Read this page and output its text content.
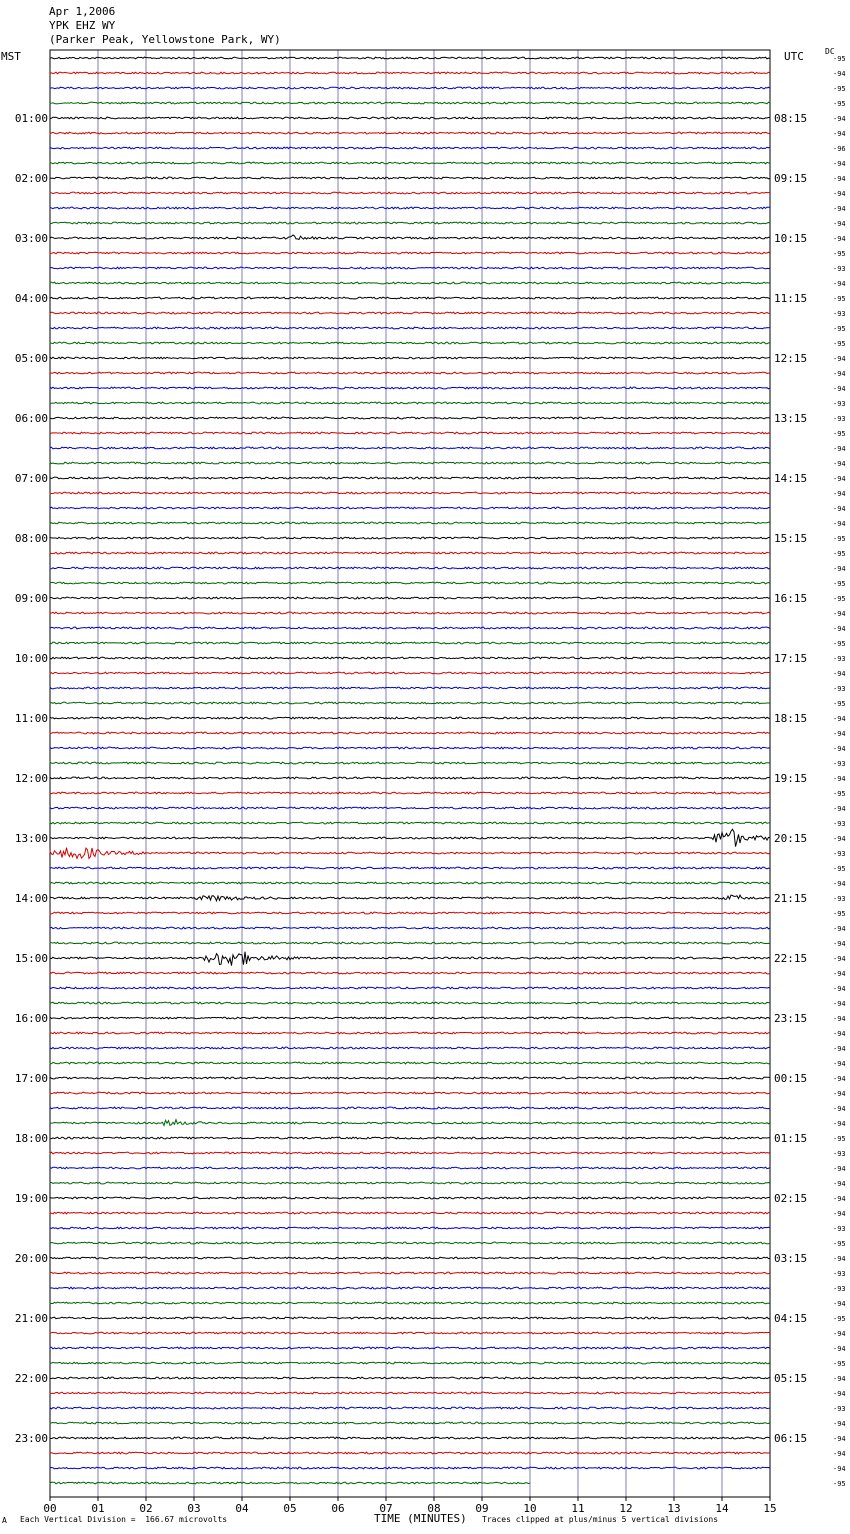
Apr 1,2006
YPK EHZ WY
(Parker Peak, Yellowstone Park, WY)
MST	UTC	DC
01:00	08:15
02:00	09:15
03:00	10:15
04:00	11:15
05:00	12:15
06:00	13:15
07:00	14:15
08:00	15:15
09:00	16:15
10:00	17:15
11:00	18:15
12:00	19:15
13:00	20:15
14:00	21:15
15:00	22:15
16:00	23:15
17:00	00:15
18:00	01:15
19:00	02:15
20:00	03:15
21:00	04:15
22:00	05:15
23:00	06:15
-95
-94
-95
-95
-94
-94
-96
-94
-94
-94
-94
-94
-94
-95
-93
-94
-95
-93
-95
-95
-94
-94
-94
-93
-93
-95
-94
-94
-94
-94
-94
-94
-95
-95
-94
-95
-95
-94
-94
-95
-93
-94
-93
-95
-94
-94
-94
-93
-94
-95
-94
-93
-94
-93
-95
-94
-93
-95
-94
-94
-94
-94
-94
-94
-94
-94
-94
-94
-94
-94
-94
-94
-95
-93
-94
-94
-94
-94
-93
-95
-94
-93
-93
-94
-95
-94
-94
-95
-94
-94
-93
-94
-94
-94
-94
-95
00	01	02	03	04	05	06	07	08	09	10	11	12	13	14	15
A Each Vertical Division =  166.67 microvolts	TIME (MINUTES) Traces clipped at plus/minus 5 vertical divisions
